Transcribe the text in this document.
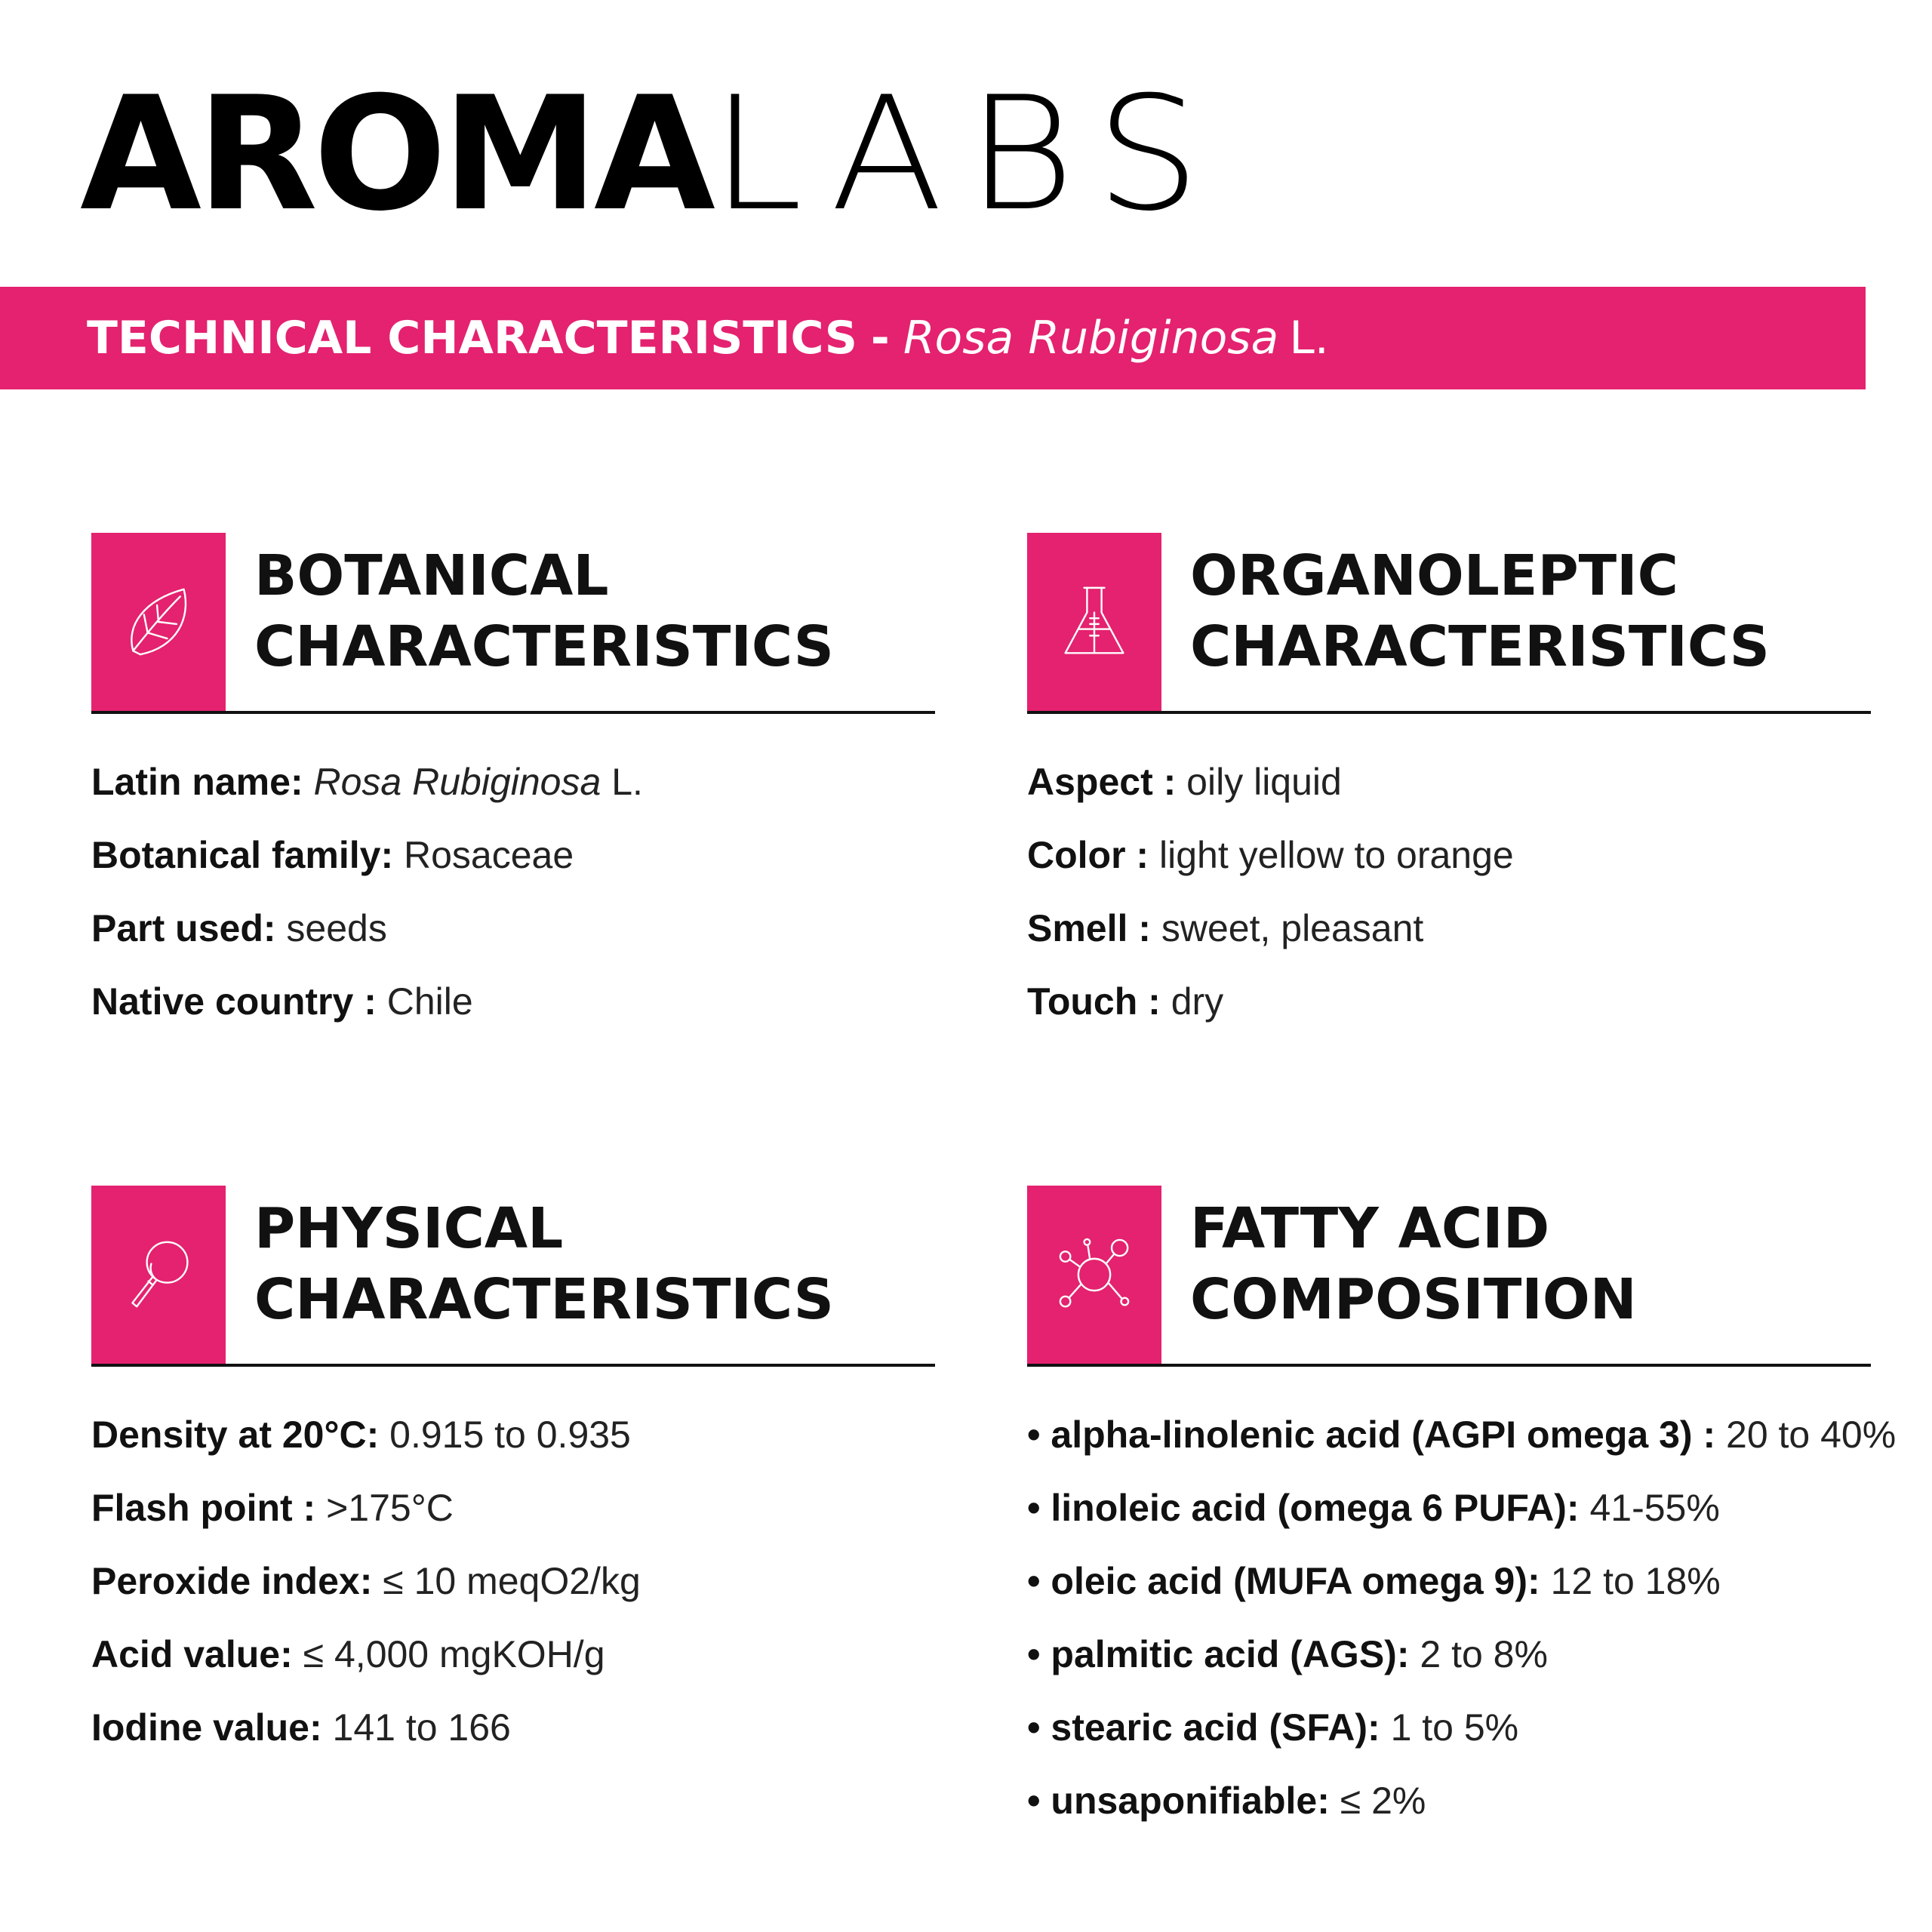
AROMALABS
TECHNICAL CHARACTERISTICS - Rosa Rubiginosa L.
BOTANICAL
CHARACTERISTICS
Latin name: Rosa Rubiginosa L.
Botanical family: Rosaceae
Part used: seeds
Native country : Chile
ORGANOLEPTIC
CHARACTERISTICS
Aspect : oily liquid
Color : light yellow to orange
Smell : sweet, pleasant
Touch : dry
PHYSICAL
CHARACTERISTICS
Density at 20°C: 0.915 to 0.935
Flash point : >175°C
Peroxide index: ≤ 10 meqO2/kg
Acid value: ≤ 4,000 mgKOH/g
Iodine value: 141 to 166
FATTY ACID
COMPOSITION
• alpha-linolenic acid (AGPI omega 3) : 20 to 40%
• linoleic acid (omega 6 PUFA): 41-55%
• oleic acid (MUFA omega 9): 12 to 18%
• palmitic acid (AGS): 2 to 8%
• stearic acid (SFA): 1 to 5%
• unsaponifiable: ≤ 2%
